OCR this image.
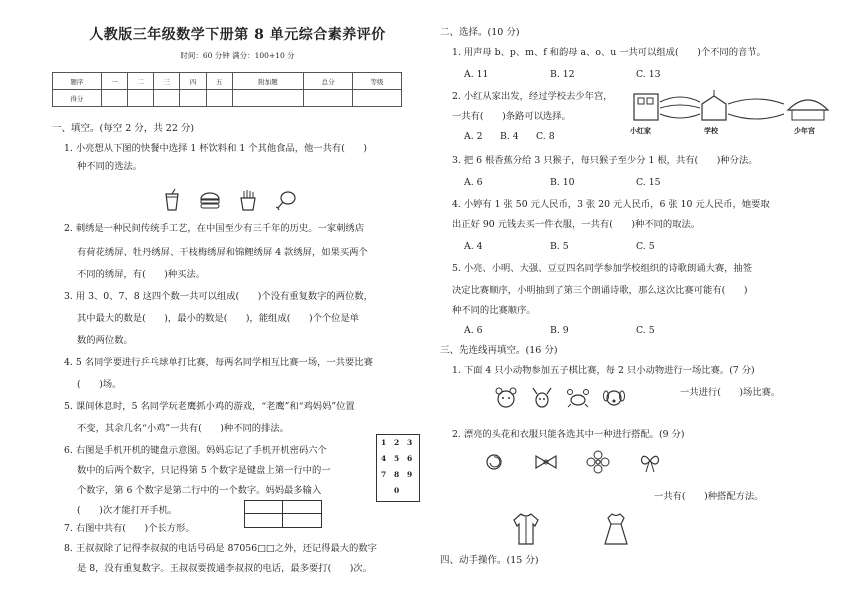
人教版三年级数学下册第 8 单元综合素养评价
时间：60 分钟 满分：100+10 分
题序	一	二	三	四	五	附加题	总分	等级
得分								
一、填空。(每空 2 分，共 22 分)
1. 小亮想从下图的快餐中选择 1 杯饮料和 1 个其他食品，他一共有(　　)
种不同的选法。
2. 刺绣是一种民间传统手工艺，在中国至少有三千年的历史。一家刺绣店
有荷花绣屏、牡丹绣屏、干枝梅绣屏和锦鲤绣屏 4 款绣屏，如果买两个
不同的绣屏，有(　　)种买法。
3. 用 3、0、7、8 这四个数一共可以组成(　　)个没有重复数字的两位数，
其中最大的数是(　　)，最小的数是(　　)，能组成(　　)个个位是单
数的两位数。
4. 5 名同学要进行乒乓球单打比赛，每两名同学相互比赛一场，一共要比赛
(　　)场。
5. 课间休息时，5 名同学玩老鹰抓小鸡的游戏，“老鹰”和“鸡妈妈”位置
不变，其余几名“小鸡”一共有(　　)种不同的排法。
6. 右图是手机开机的键盘示意图。妈妈忘记了手机开机密码六个
数中的后两个数字，只记得第 5 个数字是键盘上第一行中的一
个数字，第 6 个数字是第二行中的一个数字。妈妈最多输入
(　　)次才能打开手机。
1 2 3
4 5 6
7 8 9
0
7. 右图中共有(　　)个长方形。
8. 王叔叔除了记得李叔叔的电话号码是 87056□□之外，还记得最大的数字
是 8，没有重复数字。王叔叔要拨通李叔叔的电话，最多要打(　　)次。
二、选择。(10 分)
1. 用声母 b、p、m、f 和韵母 a、o、u 一共可以组成(　　)个不同的音节。
A. 11	B. 12	C. 13
2. 小红从家出发，经过学校去少年宫，
一共有(　　)条路可以选择。
A. 2 B. 4 C. 8
小红家	学校	少年宫
3. 把 6 根香蕉分给 3 只猴子，每只猴子至少分 1 根，共有(　　)种分法。
A. 6	B. 10	C. 15
4. 小婷有 1 张 50 元人民币，3 张 20 元人民币，6 张 10 元人民币，她要取
出正好 90 元钱去买一件衣服，一共有(　　)种不同的取法。
A. 4	B. 5	C. 5
5. 小亮、小明、大强、豆豆四名同学参加学校组织的诗歌朗诵大赛，抽签
决定比赛顺序，小明抽到了第三个朗诵诗歌，那么这次比赛可能有(　　)
种不同的比赛顺序。
A. 6	B. 9	C. 5
三、先连线再填空。(16 分)
1. 下面 4 只小动物参加五子棋比赛，每 2 只小动物进行一场比赛。(7 分)
一共进行(　　)场比赛。
2. 漂亮的头花和衣服只能各选其中一种进行搭配。(9 分)
一共有(　　)种搭配方法。
四、动手操作。(15 分)
